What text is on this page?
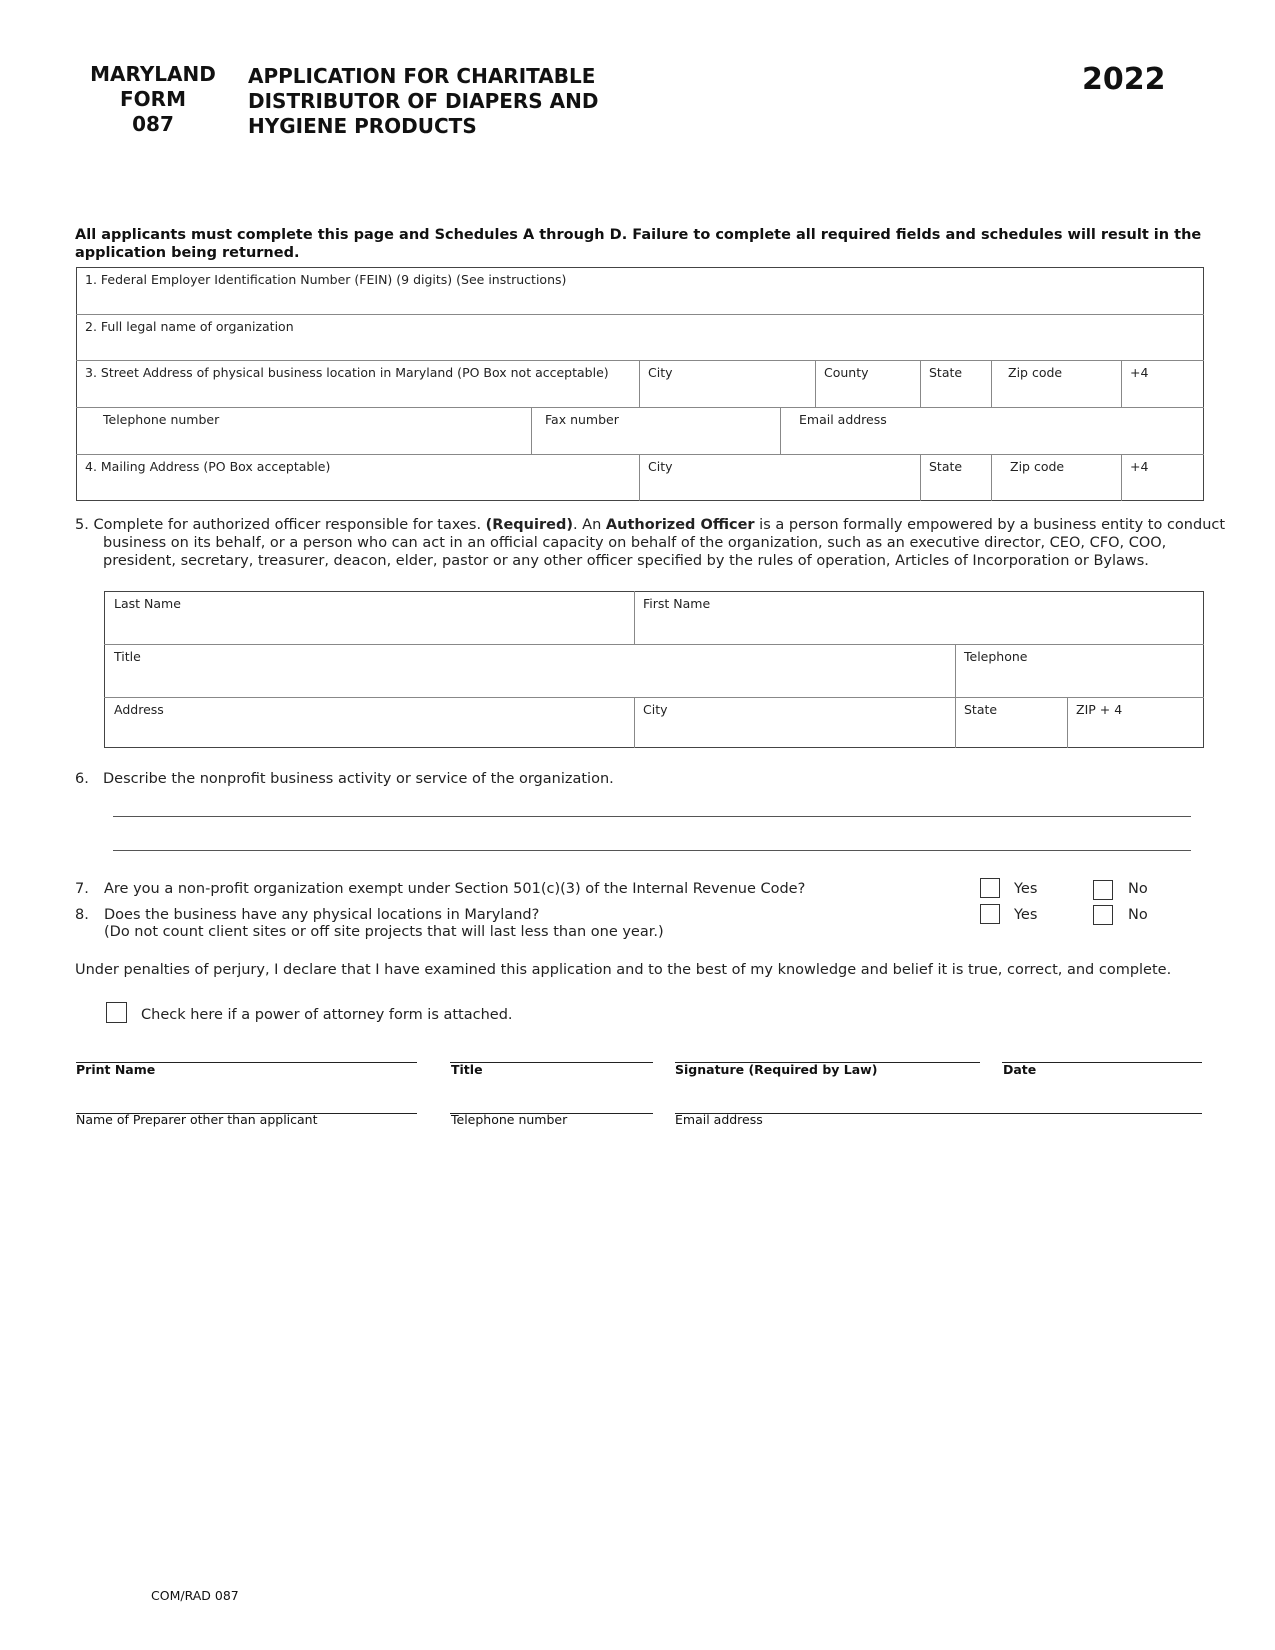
MARYLAND
FORM
087
APPLICATION FOR CHARITABLE
DISTRIBUTOR OF DIAPERS AND
HYGIENE PRODUCTS
2022
All applicants must complete this page and Schedules A through D. Failure to complete all required fields and schedules will result in the application being returned.
1. Federal Employer Identification Number (FEIN) (9 digits) (See instructions)
2. Full legal name of organization
3. Street Address of physical business location in Maryland (PO Box not acceptable)	City	County	State	Zip code	+4
Telephone number	Fax number	Email address
4. Mailing Address (PO Box acceptable)	City	State	Zip code	+4
5. Complete for authorized officer responsible for taxes. (Required). An Authorized Officer is a person formally empowered by a business entity to conduct business on its behalf, or a person who can act in an official capacity on behalf of the organization, such as an executive director, CEO, CFO, COO, president, secretary, treasurer, deacon, elder, pastor or any other officer specified by the rules of operation, Articles of Incorporation or Bylaws.
Last Name	First Name
Title	Telephone
Address	City	State	ZIP + 4
6. Describe the nonprofit business activity or service of the organization.
7. Are you a non-profit organization exempt under Section 501(c)(3) of the Internal Revenue Code?	Yes	No
8. Does the business have any physical locations in Maryland?
(Do not count client sites or off site projects that will last less than one year.)
Yes	No
Under penalties of perjury, I declare that I have examined this application and to the best of my knowledge and belief it is true, correct, and complete.
Check here if a power of attorney form is attached.
Print Name	Title	Signature (Required by Law)	Date
Name of Preparer other than applicant	Telephone number	Email address
COM/RAD 087
